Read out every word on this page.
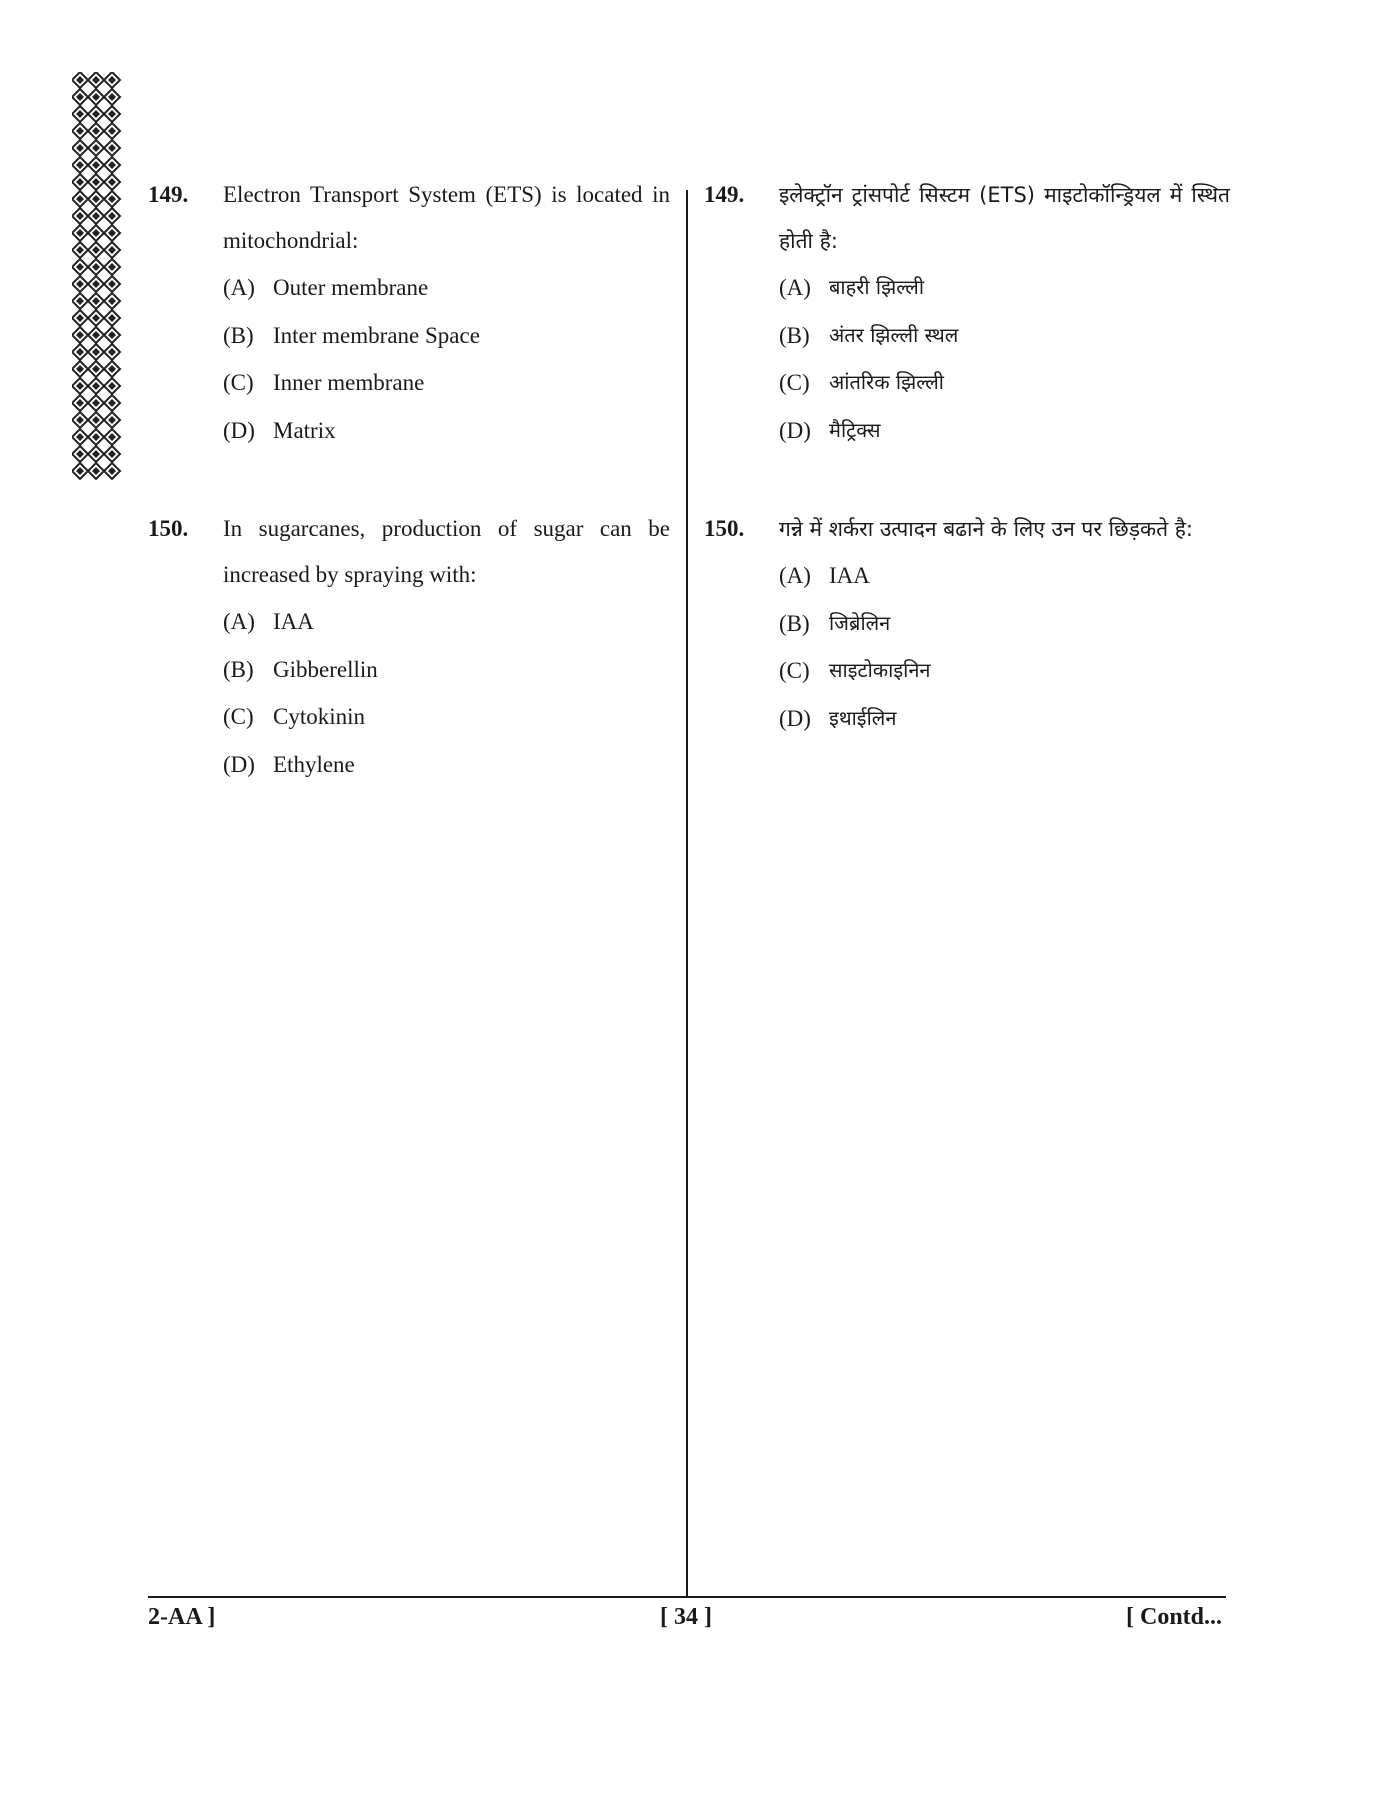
149.	Electron Transport System (ETS) is located in mitochondrial:
(A) Outer membrane
(B) Inter membrane Space
(C) Inner membrane
(D) Matrix
150.	In sugarcanes, production of sugar can be increased by spraying with:
(A) IAA
(B) Gibberellin
(C) Cytokinin
(D) Ethylene
149.	इलेक्ट्रॉन ट्रांसपोर्ट सिस्टम (ETS) माइटोकॉन्ड्रियल में स्थित होती है:
(A) बाहरी झिल्ली
(B) अंतर झिल्ली स्थल
(C) आंतरिक झिल्ली
(D) मैट्रिक्स
150.	गन्ने में शर्करा उत्पादन बढाने के लिए उन पर छिड़कते है:
(A) IAA
(B) जिब्रेलिन
(C) साइटोकाइनिन
(D) इथाईलिन
2-AA ]	[ 34 ]	[ Contd...
